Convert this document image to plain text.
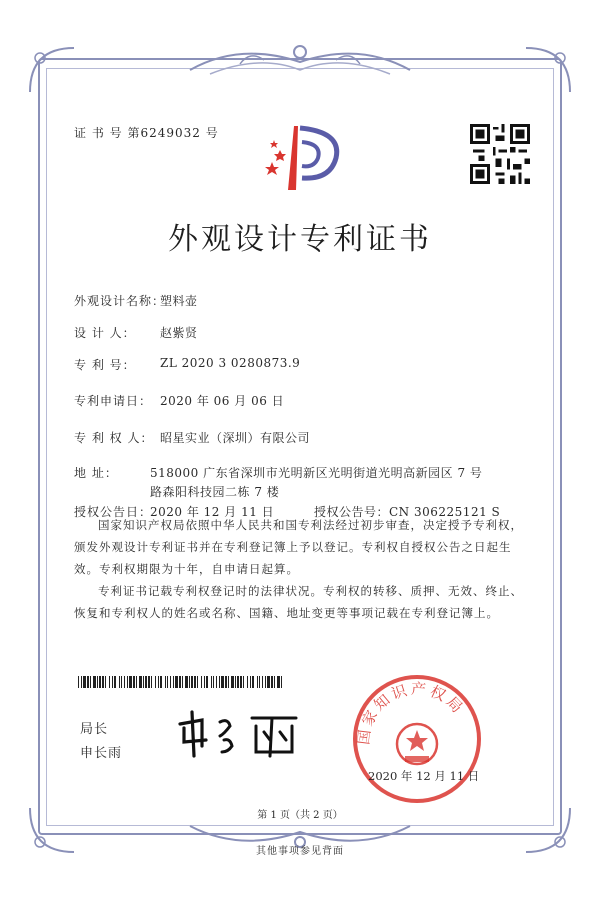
证 书 号 第6249032 号
外观设计专利证书
外观设计名称：
塑料壶
设 计 人： 赵紫贤
专 利 号： ZL 2020 3 0280873.9
专利申请日： 2020 年 06 月 06 日
专 利 权 人： 昭星实业（深圳）有限公司
地 址：	518000 广东省深圳市光明新区光明街道光明高新园区 7 号
路森阳科技园二栋 7 楼
授权公告日：
2020 年 12 月 11 日	授权公告号：CN 306225121 S
国家知识产权局依照中华人民共和国专利法经过初步审查，决定授予专利权，颁发外观设计专利证书并在专利登记簿上予以登记。专利权自授权公告之日起生效。专利权期限为十年，自申请日起算。
专利证书记载专利权登记时的法律状况。专利权的转移、质押、无效、终止、恢复和专利权人的姓名或名称、国籍、地址变更等事项记载在专利登记簿上。
局长
申长雨
国家知识产权局
2020 年 12 月 11 日
第 1 页（共 2 页）
其他事项参见背面
